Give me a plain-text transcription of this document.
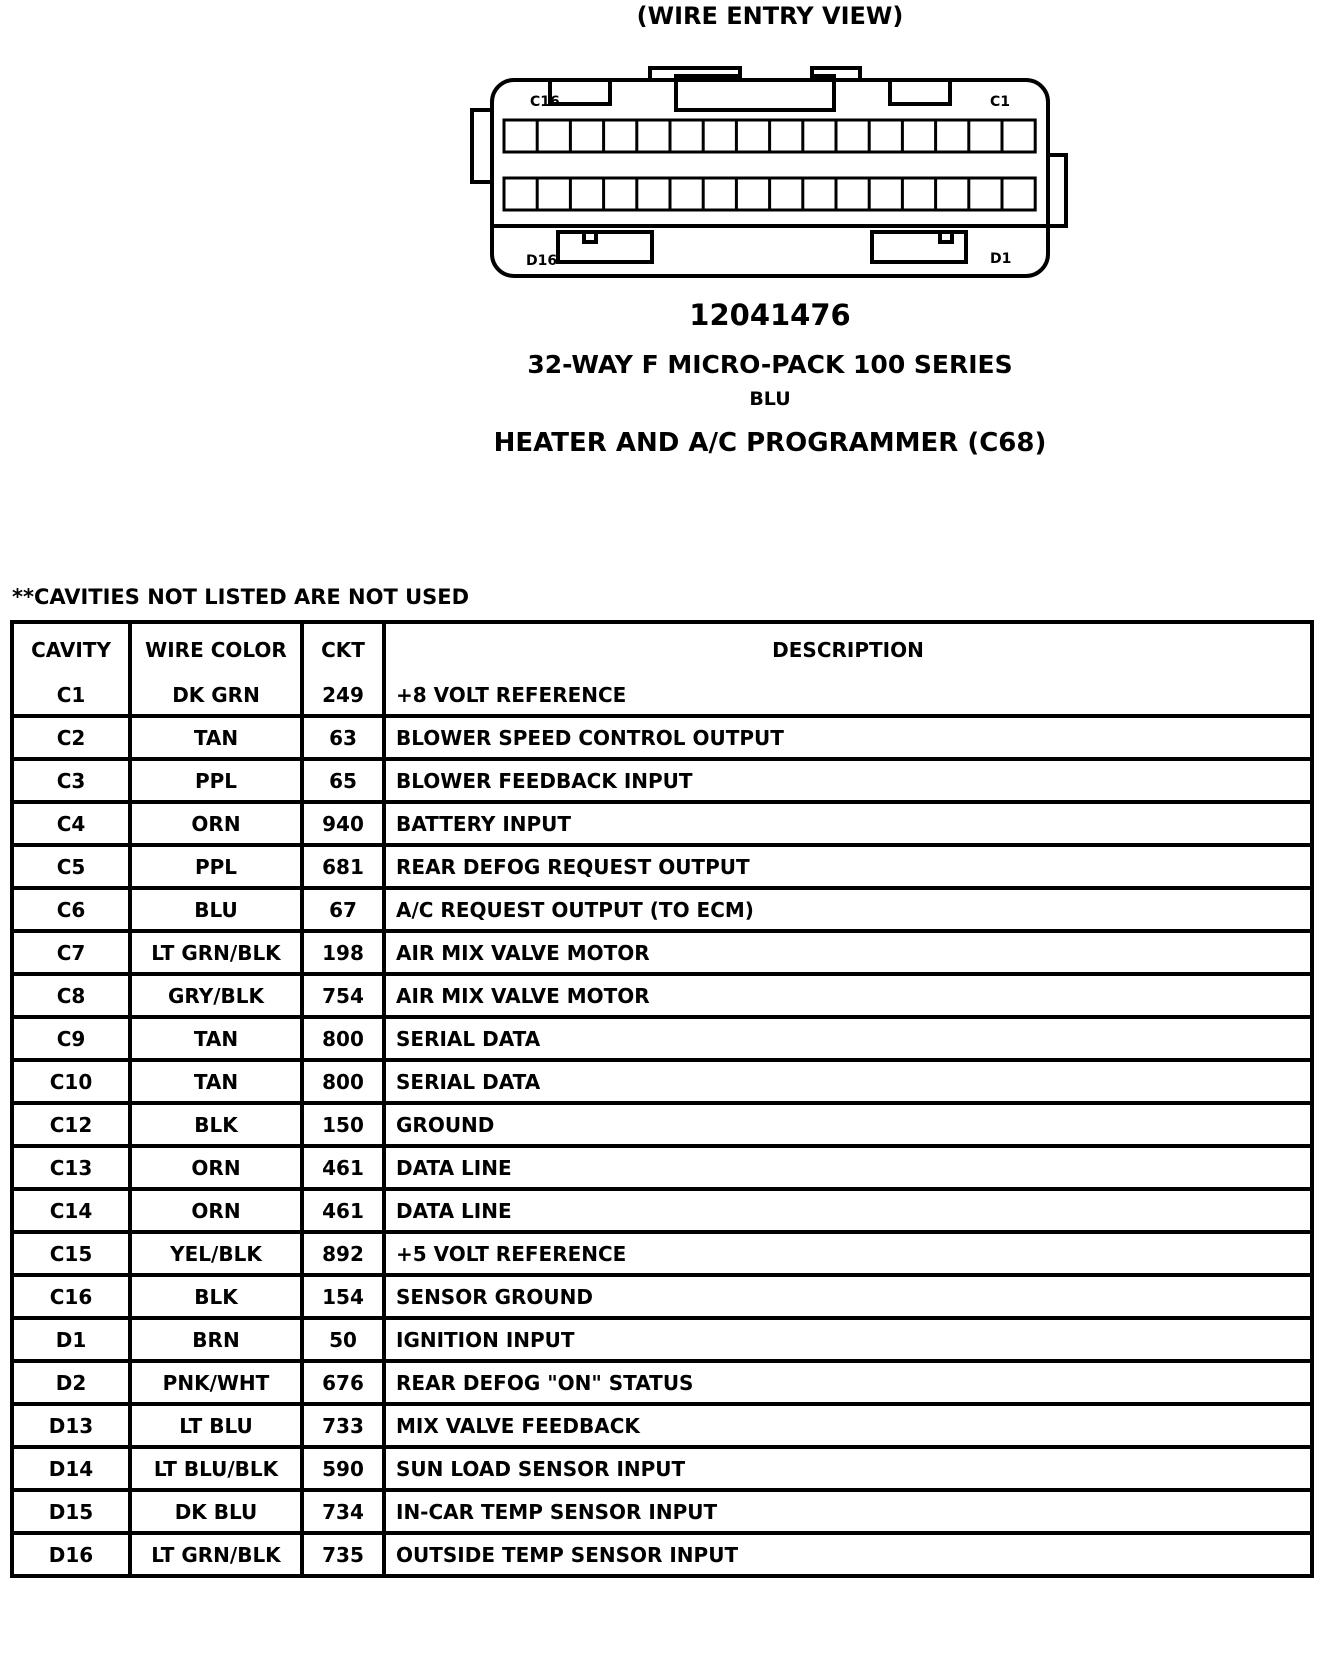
(WIRE ENTRY VIEW)
C16	C1
D16	D1
12041476
32-WAY F MICRO-PACK 100 SERIES
BLU
HEATER AND A/C PROGRAMMER (C68)
**CAVITIES NOT LISTED ARE NOT USED
CAVITY	WIRE COLOR	CKT	DESCRIPTION
C1	DK GRN	249	+8 VOLT REFERENCE
C2	TAN	63	BLOWER SPEED CONTROL OUTPUT
C3	PPL	65	BLOWER FEEDBACK INPUT
C4	ORN	940	BATTERY INPUT
C5	PPL	681	REAR DEFOG REQUEST OUTPUT
C6	BLU	67	A/C REQUEST OUTPUT (TO ECM)
C7	LT GRN/BLK	198	AIR MIX VALVE MOTOR
C8	GRY/BLK	754	AIR MIX VALVE MOTOR
C9	TAN	800	SERIAL DATA
C10	TAN	800	SERIAL DATA
C12	BLK	150	GROUND
C13	ORN	461	DATA LINE
C14	ORN	461	DATA LINE
C15	YEL/BLK	892	+5 VOLT REFERENCE
C16	BLK	154	SENSOR GROUND
D1	BRN	50	IGNITION INPUT
D2	PNK/WHT	676	REAR DEFOG "ON" STATUS
D13	LT BLU	733	MIX VALVE FEEDBACK
D14	LT BLU/BLK	590	SUN LOAD SENSOR INPUT
D15	DK BLU	734	IN-CAR TEMP SENSOR INPUT
D16	LT GRN/BLK	735	OUTSIDE TEMP SENSOR INPUT
